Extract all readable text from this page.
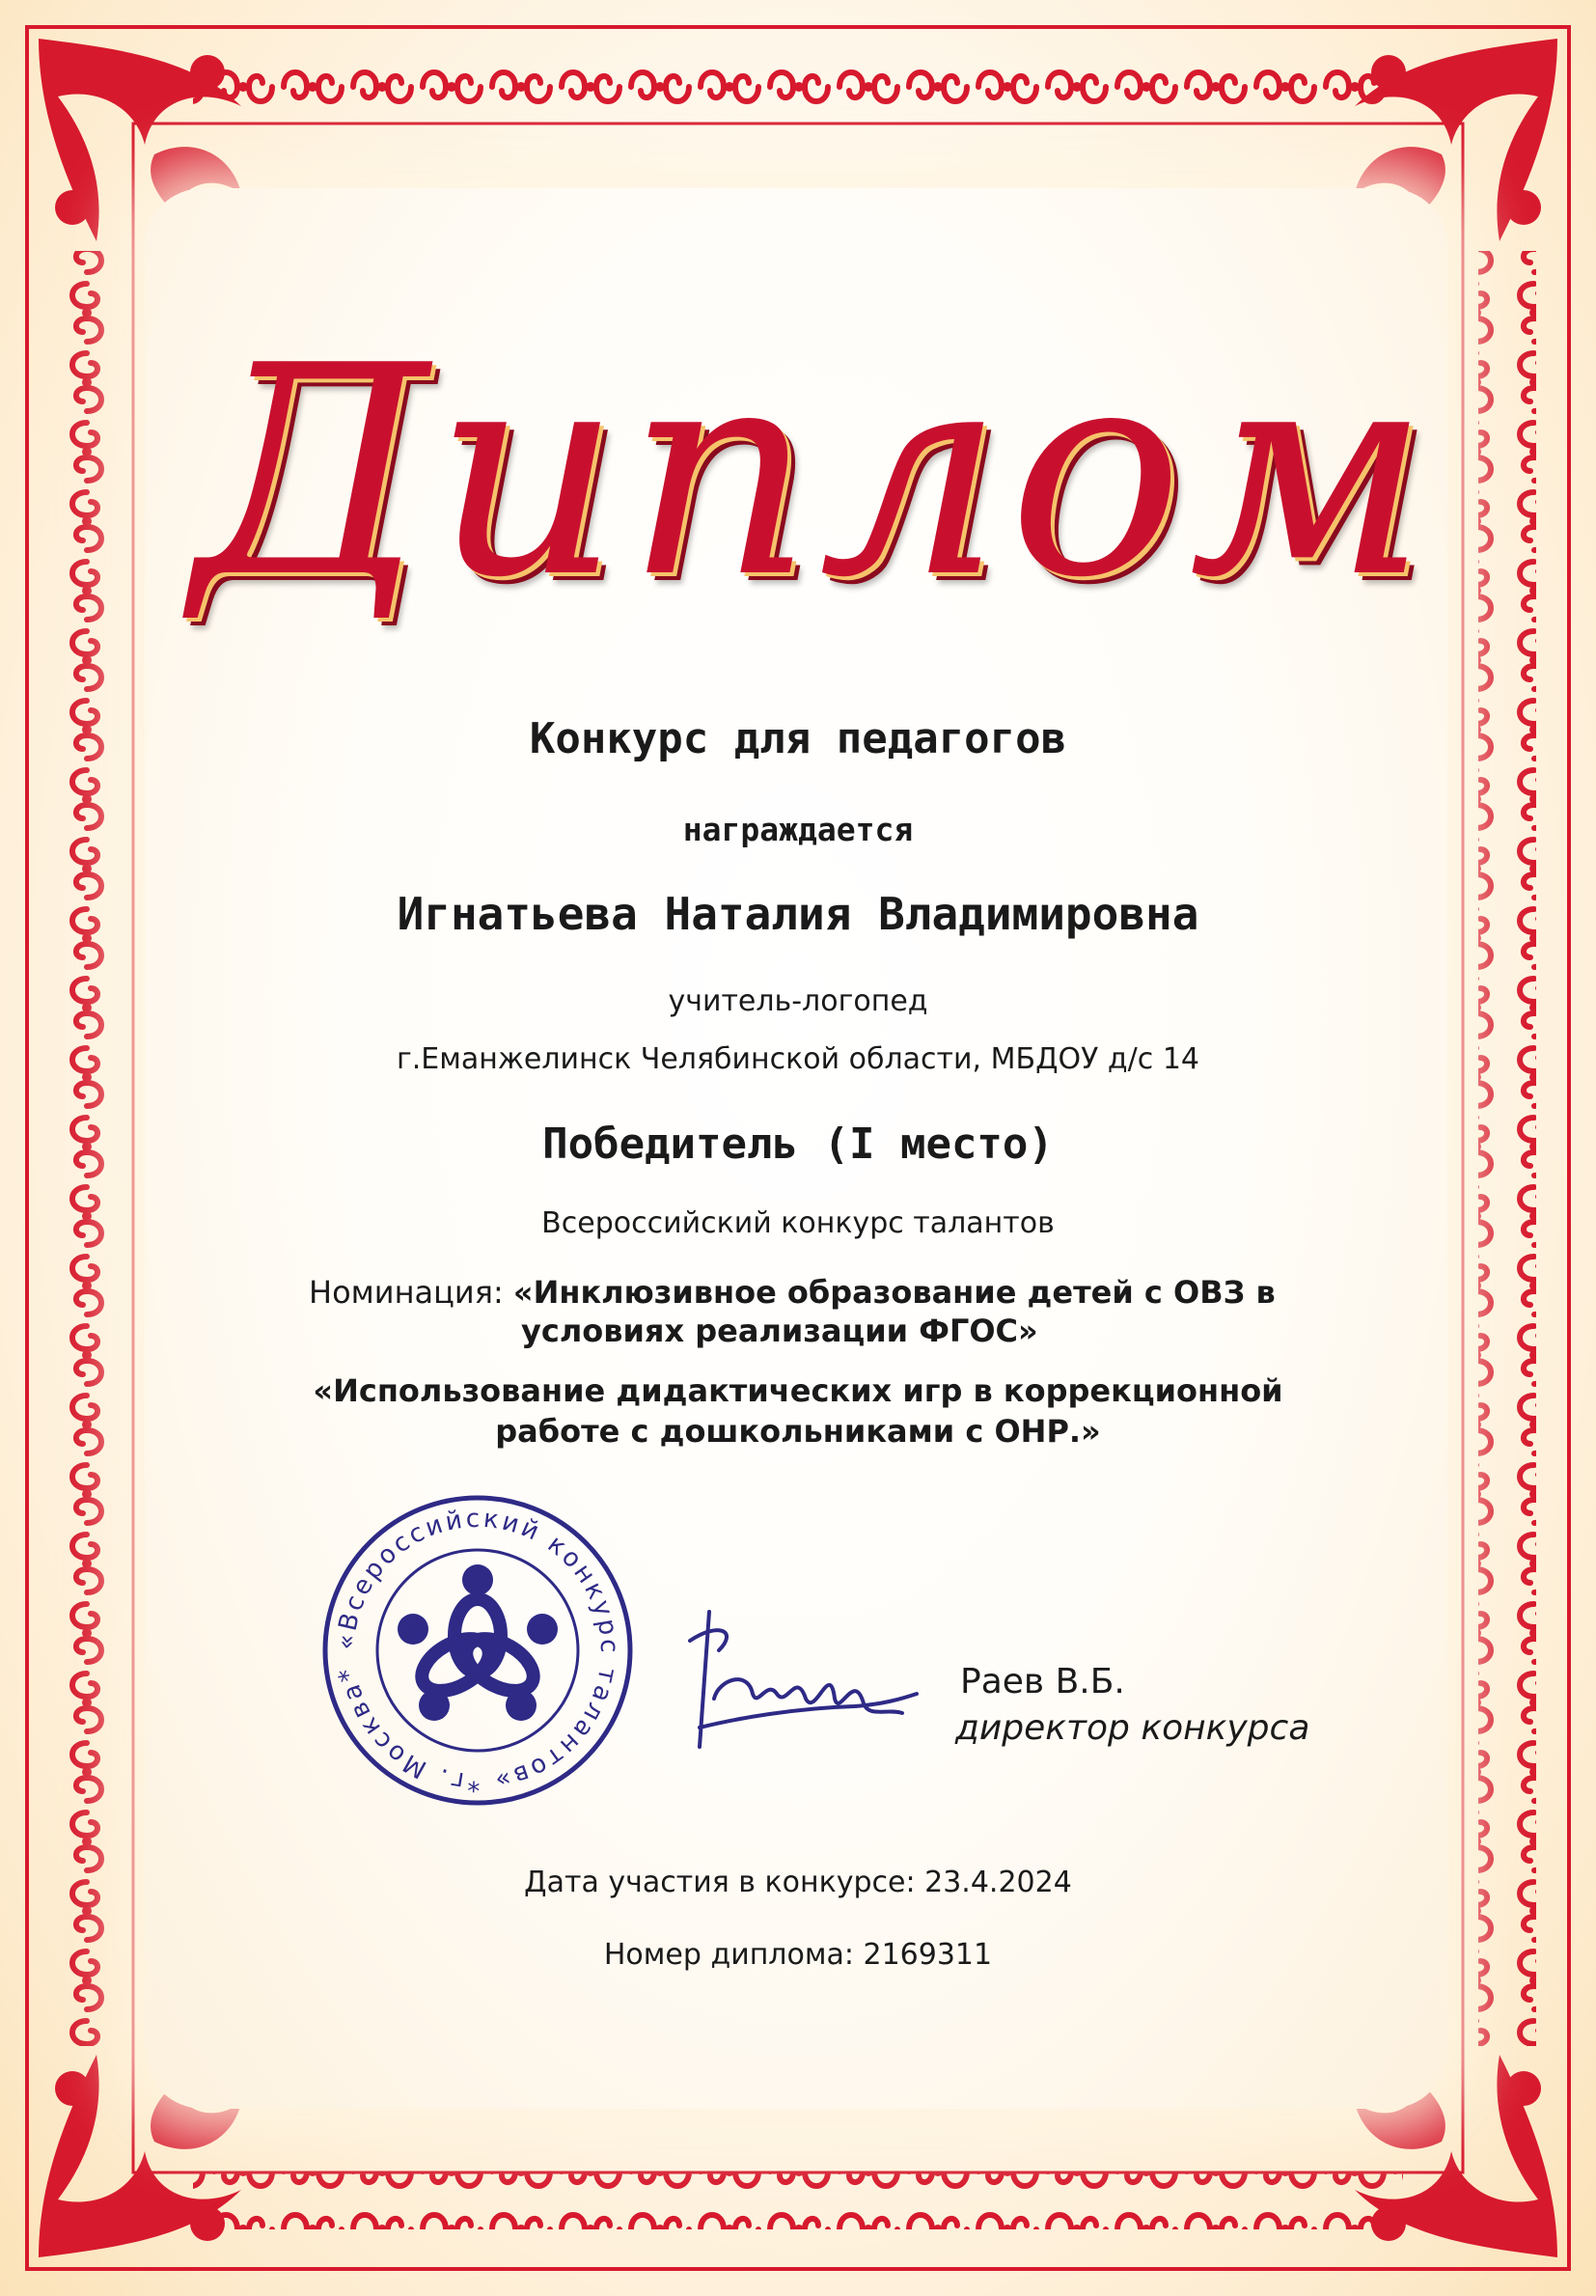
Диплом
Конкурс для педагогов
награждается
Игнатьева Наталия Владимировна
учитель-логопед
г.Еманжелинск Челябинской области, МБДОУ д/с 14
Победитель (I место)
Всероссийский конкурс талантов
Номинация: «Инклюзивное образование детей с ОВЗ в
условиях реализации ФГОС»
«Использование дидактических игр в коррекционной
работе с дошкольниками с ОНР.»
«Всероссийский конкурс талантов» *г. Москва*	Раев В.Б.
директор конкурса
Дата участия в конкурсе: 23.4.2024
Номер диплома: 2169311
